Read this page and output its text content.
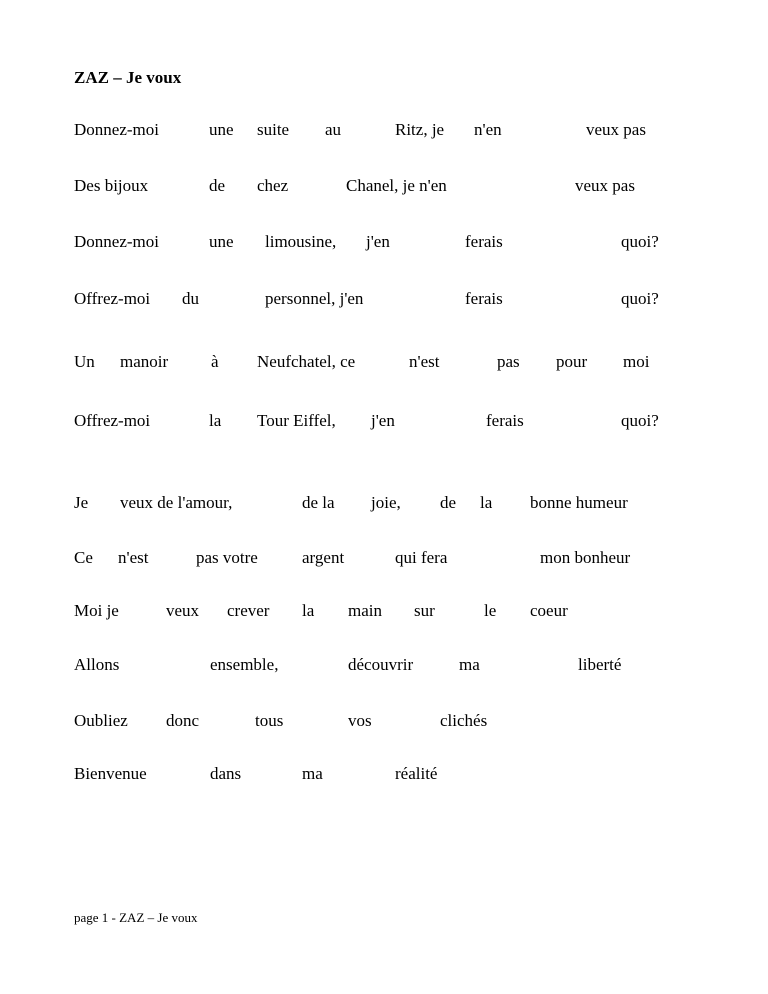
ZAZ – Je voux
Donnez-moi	une suite au	Ritz, je n'en	veux pas
Des bijoux	de chez	Chanel, je n'en	veux pas
Donnez-moi	une limousine, j'en	ferais	quoi?
Offrez-moi du	personnel, j'en	ferais	quoi?
Un manoir	à Neufchatel, ce	n'est	pas pour moi
Offrez-moi	la Tour Eiffel, j'en	ferais	quoi?
Je veux de l'amour,	de la joie, de la bonne humeur
Ce n'est	pas votre	argent	qui fera	mon bonheur
Moi je	veux crever la main sur	le coeur
Allons	ensemble,	découvrir	ma	liberté
Oubliez donc	tous	vos	clichés
Bienvenue	dans	ma	réalité
page 1 - ZAZ – Je voux
